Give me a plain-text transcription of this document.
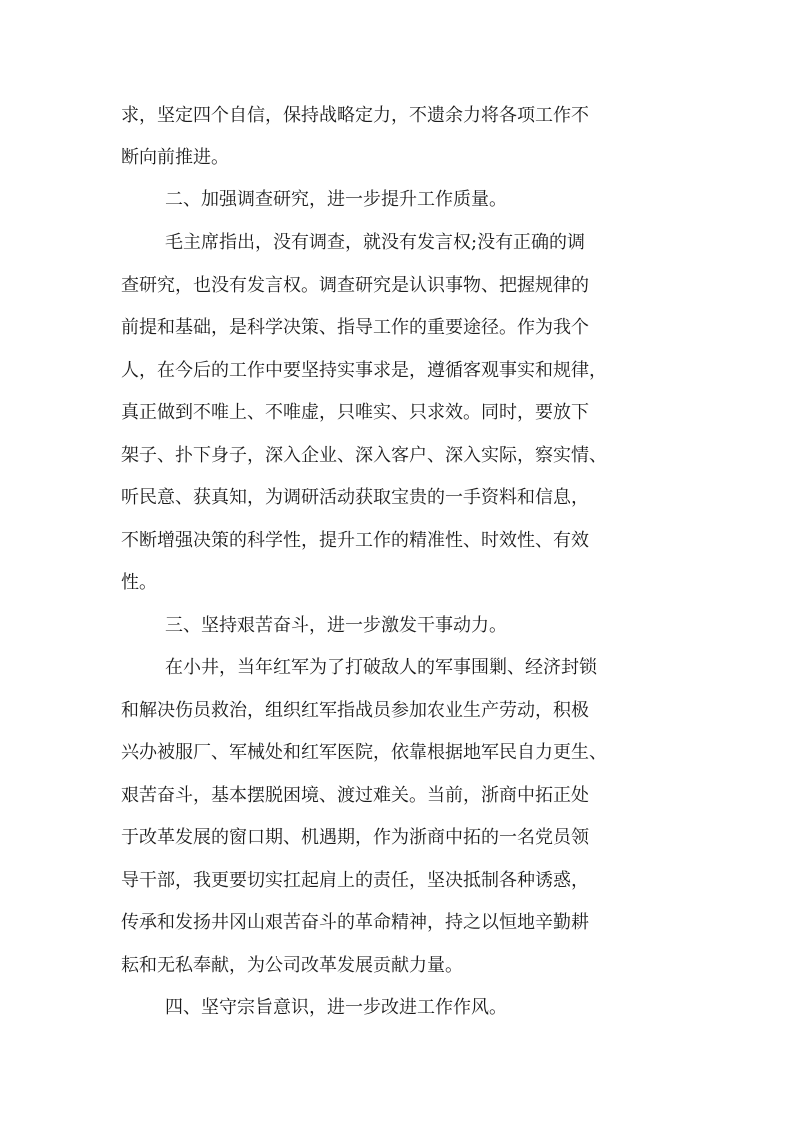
求，坚定四个自信，保持战略定力，不遗余力将各项工作不

断向前推进。

二、加强调查研究，进一步提升工作质量。

毛主席指出，没有调查，就没有发言权;没有正确的调

查研究，也没有发言权。调查研究是认识事物、把握规律的

前提和基础，是科学决策、指导工作的重要途径。作为我个

人，在今后的工作中要坚持实事求是，遵循客观事实和规律，

真正做到不唯上、不唯虚，只唯实、只求效。同时，要放下

架子、扑下身子，深入企业、深入客户、深入实际，察实情、

听民意、获真知，为调研活动获取宝贵的一手资料和信息，

不断增强决策的科学性，提升工作的精准性、时效性、有效

性。

三、坚持艰苦奋斗，进一步激发干事动力。

在小井，当年红军为了打破敌人的军事围剿、经济封锁

和解决伤员救治，组织红军指战员参加农业生产劳动，积极

兴办被服厂、军械处和红军医院，依靠根据地军民自力更生、

艰苦奋斗，基本摆脱困境、渡过难关。当前，浙商中拓正处

于改革发展的窗口期、机遇期，作为浙商中拓的一名党员领

导干部，我更要切实扛起肩上的责任，坚决抵制各种诱惑，

传承和发扬井冈山艰苦奋斗的革命精神，持之以恒地辛勤耕

耘和无私奉献，为公司改革发展贡献力量。

四、坚守宗旨意识，进一步改进工作作风。
